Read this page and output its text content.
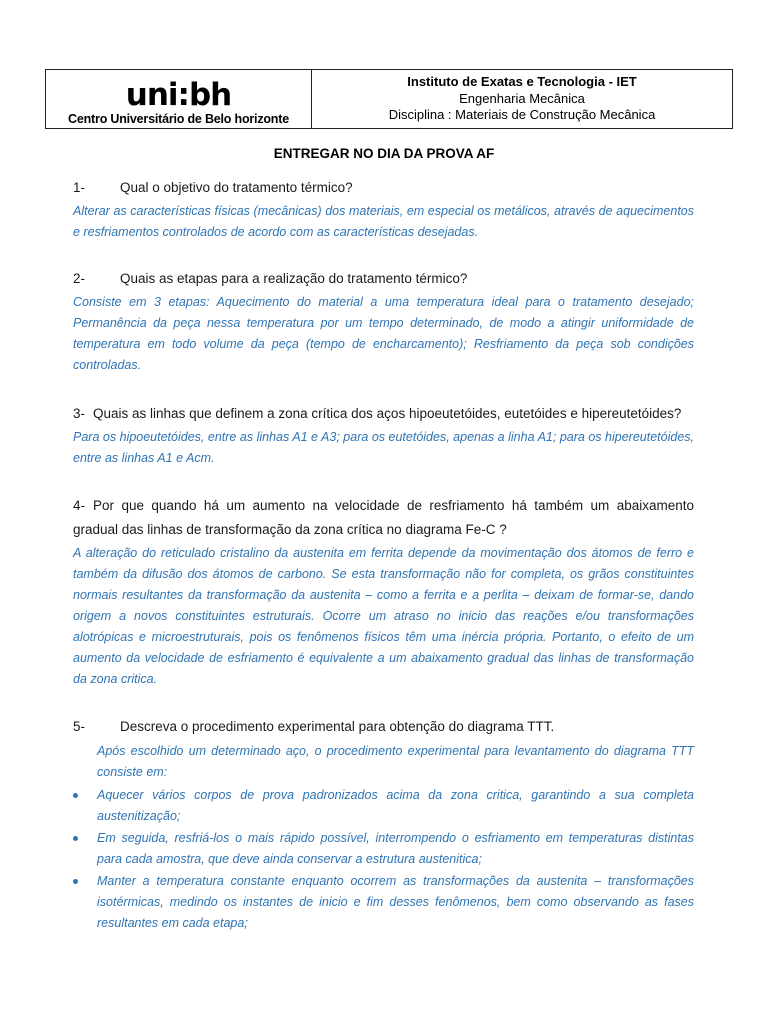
uni:bh
Centro Universitário de Belo horizonte
Instituto de Exatas e Tecnologia - IET
Engenharia Mecânica
Disciplina : Materiais de Construção Mecânica
ENTREGAR NO DIA DA PROVA AF
1-	Qual o objetivo do tratamento térmico?
Alterar as características físicas (mecânicas) dos materiais, em especial os metálicos, através de aquecimentos e resfriamentos controlados de acordo com as características desejadas.
2-	Quais as etapas para a realização do tratamento térmico?
Consiste em 3 etapas: Aquecimento do material a uma temperatura ideal para o tratamento desejado; Permanência da peça nessa temperatura por um tempo determinado, de modo a atingir uniformidade de temperatura em todo volume da peça (tempo de encharcamento); Resfriamento da peça sob condições controladas.
3- Quais as linhas que definem a zona crítica dos aços hipoeutetóides, eutetóides e hipereutetóides?
Para os hipoeutetóides, entre as linhas A1 e A3; para os eutetóides, apenas a linha A1; para os hipereutetóides, entre as linhas A1 e Acm.
4- Por que quando há um aumento na velocidade de resfriamento há também um abaixamento gradual das linhas de transformação da zona crítica no diagrama Fe-C ?
A alteração do reticulado cristalino da austenita em ferrita depende da movimentação dos átomos de ferro e também da difusão dos átomos de carbono. Se esta transformação não for completa, os grãos constituintes normais resultantes da transformação da austenita – como a ferrita e a perlita – deixam de formar-se, dando origem a novos constituintes estruturais. Ocorre um atraso no inicio das reações e/ou transformações alotrópicas e microestruturais, pois os fenômenos físicos têm uma inércia própria. Portanto, o efeito de um aumento da velocidade de esfriamento é equivalente a um abaixamento gradual das linhas de transformação da zona critica.
5-	Descreva o procedimento experimental para obtenção do diagrama TTT.
Após escolhido um determinado aço, o procedimento experimental para levantamento do diagrama TTT consiste em:
Aquecer vários corpos de prova padronizados acima da zona critica, garantindo a sua completa austenitização;
Em seguida, resfriá-los o mais rápido possível, interrompendo o esfriamento em temperaturas distintas para cada amostra, que deve ainda conservar a estrutura austenitica;
Manter a temperatura constante enquanto ocorrem as transformações da austenita – transformações isotérmicas, medindo os instantes de inicio e fim desses fenômenos, bem como observando as fases resultantes em cada etapa;
